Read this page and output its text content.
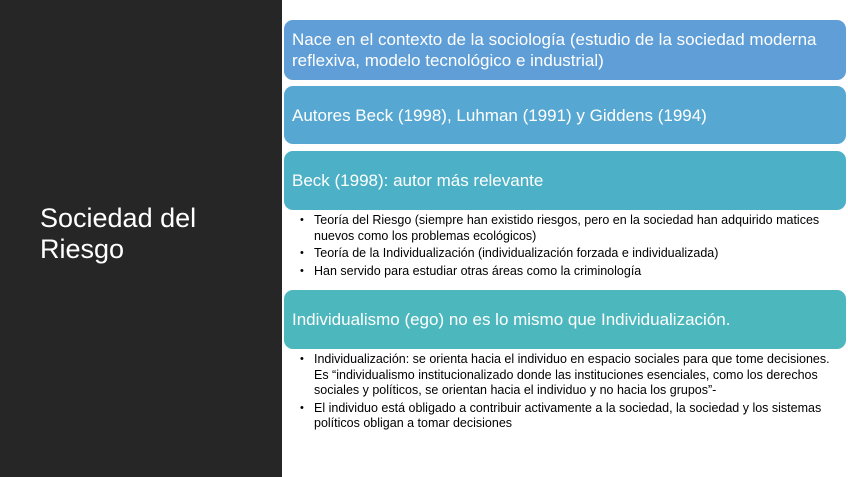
Sociedad del Riesgo
Nace en el contexto de la sociología (estudio de la sociedad moderna reflexiva, modelo tecnológico e industrial)
Autores Beck (1998), Luhman (1991) y Giddens (1994)
Beck (1998): autor más relevante
• Teoría del Riesgo (siempre han existido riesgos, pero en la sociedad han adquirido matices nuevos como los problemas ecológicos)
• Teoría de la Individualización (individualización forzada e individualizada)
• Han servido para estudiar otras áreas como la criminología
Individualismo (ego) no es lo mismo que Individualización.
• Individualización: se orienta hacia el individuo en espacio sociales para que tome decisiones. Es “individualismo institucionalizado donde las instituciones esenciales, como los derechos sociales y políticos, se orientan hacia el individuo y no hacia los grupos”-
• El individuo está obligado a contribuir activamente a la sociedad, la sociedad y los sistemas políticos obligan a tomar decisiones
